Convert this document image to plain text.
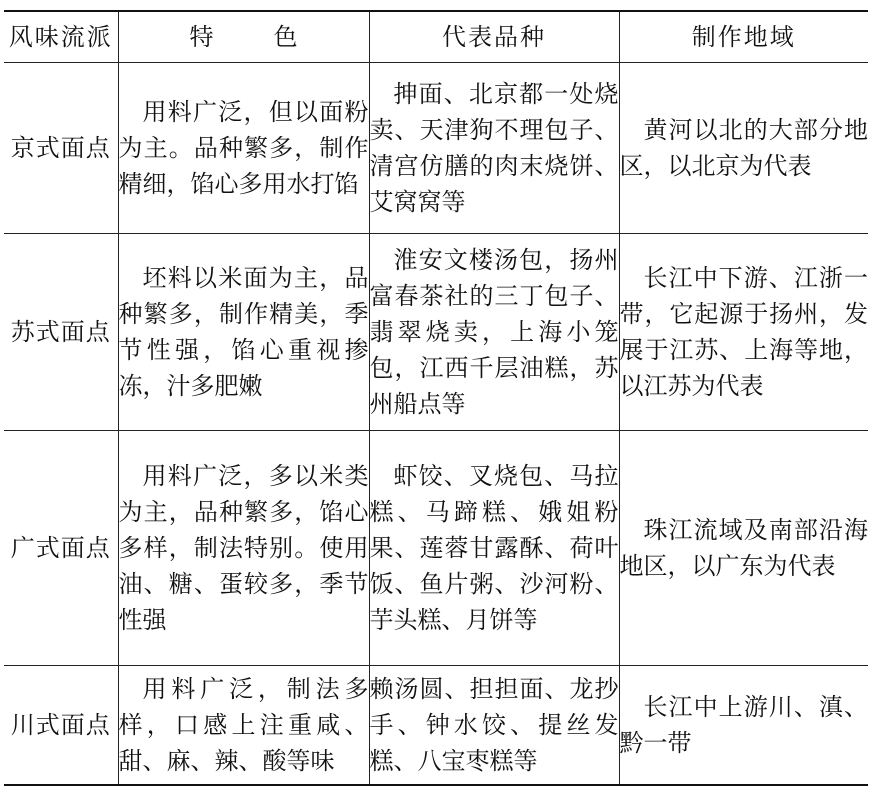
风味流派	特　色	代表品种	制作地域
京式面点	用料广泛，但以面粉为主。品种繁多，制作精细，馅心多用水打馅	抻面、北京都一处烧卖、天津狗不理包子、清宫仿膳的肉末烧饼、艾窝窝等	黄河以北的大部分地区，以北京为代表
苏式面点	坯料以米面为主，品种繁多，制作精美，季节性强，馅心重视掺冻，汁多肥嫩	淮安文楼汤包，扬州富春茶社的三丁包子、翡翠烧卖，上海小笼包，江西千层油糕，苏州船点等	长江中下游、江浙一带，它起源于扬州，发展于江苏、上海等地，以江苏为代表
广式面点	用料广泛，多以米类为主，品种繁多，馅心多样，制法特别。使用油、糖、蛋较多，季节性强	虾饺、叉烧包、马拉糕、马蹄糕、娥姐粉果、莲蓉甘露酥、荷叶饭、鱼片粥、沙河粉、芋头糕、月饼等	珠江流域及南部沿海地区，以广东为代表
川式面点	用料广泛，制法多样，口感上注重咸、甜、麻、辣、酸等味	赖汤圆、担担面、龙抄手、钟水饺、提丝发糕、八宝枣糕等	长江中上游川、滇、黔一带
